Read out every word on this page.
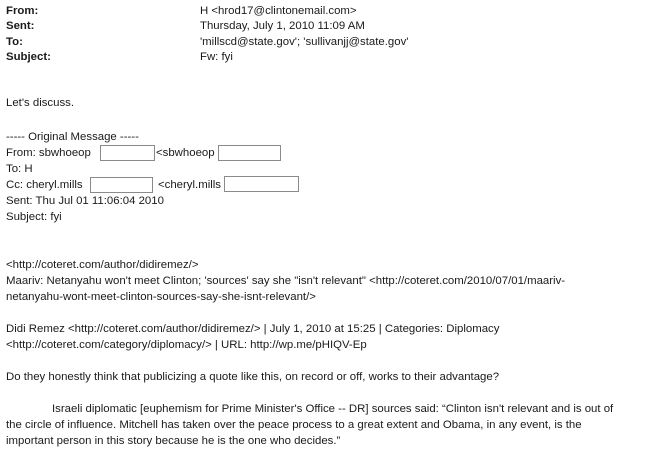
From:	H <hrod17@clintonemail.com>
Sent:	Thursday, July 1, 2010 11:09 AM
To:	'millscd@state.gov'; 'sullivanjj@state.gov'
Subject:	Fw: fyi
Let's discuss.
----- Original Message -----
From: sbwhoeop	<sbwhoeop
To: H
Cc: cheryl.mills	<cheryl.mills
Sent: Thu Jul 01 11:06:04 2010
Subject: fyi
<http://coteret.com/author/didiremez/>
Maariv: Netanyahu won't meet Clinton; 'sources' say she "isn't relevant" <http://coteret.com/2010/07/01/maariv-
netanyahu-wont-meet-clinton-sources-say-she-isnt-relevant/>
Didi Remez <http://coteret.com/author/didiremez/> | July 1, 2010 at 15:25 | Categories: Diplomacy
<http://coteret.com/category/diplomacy/> | URL: http://wp.me/pHIQV-Ep
Do they honestly think that publicizing a quote like this, on record or off, works to their advantage?
Israeli diplomatic [euphemism for Prime Minister's Office -- DR] sources said: “Clinton isn't relevant and is out of
the circle of influence. Mitchell has taken over the peace process to a great extent and Obama, in any event, is the
important person in this story because he is the one who decides.”
